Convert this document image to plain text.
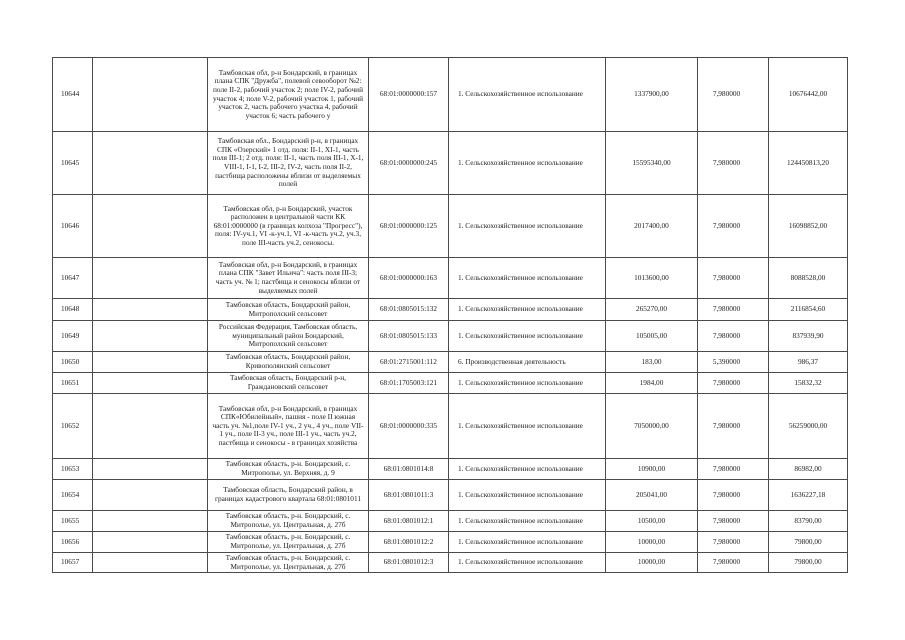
10644		Тамбовская обл, р-н Бондарский, в границах плана СПК "Дружба", полевой севооборот №2: поле II-2, рабочий участок 2; поле IV-2, рабочий участок 4; поле V-2, рабочий участок 1, рабочий участок 2, часть рабочего участка 4, рабочий участок 6; часть рабочего у	68:01:0000000:157	1. Сельскохозяйственное использование	1337900,00	7,980000	10676442,00
10645		Тамбовская обл., Бондарский р-н, в границах СПК «Озерский» 1 отд. поля: II-1, XI-1, часть поля III-1; 2 отд. поля: II-1, часть поля III-1, X-1, VIII-1, I-1, I-2, III-2, IV-2, часть поля II-2, пастбища расположены вблизи от выделяемых полей	68:01:0000000:245	1. Сельскохозяйственное использование	15595340,00	7,980000	124450813,20
10646		Тамбовская обл, р-н Бондарский, участок расположен в центральной части КК 68:01:0000000 (в границах колхоза "Прогресс"), поля: IV-уч.1, VI -к-уч.1, VI -к-часть уч.2, уч.3, поле III-часть уч.2, сенокосы.	68:01:0000000:125	1. Сельскохозяйственное использование	2017400,00	7,980000	16098852,00
10647		Тамбовская обл, р-н Бондарский, в границах плана СПК "Завет Ильича": часть поля III-3; часть уч. № 1; пастбища и сенокосы вблизи от выделяемых полей	68:01:0000000:163	1. Сельскохозяйственное использование	1013600,00	7,980000	8088528,00
10648		Тамбовская область, Бондарский район, Митрополский сельсовет	68:01:0805015:132	1. Сельскохозяйственное использование	265270,00	7,980000	2116854,60
10649		Российская Федерация, Тамбовская область, муниципальный район Бондарский, Митрополский сельсовет	68:01:0805015:133	1. Сельскохозяйственное использование	105005,00	7,980000	837939,90
10650		Тамбовская область, Бондарский район, Кривополянский сельсовет	68:01:2715001:112	6. Производственная деятельность	183,00	5,390000	986,37
10651		Тамбовская область, Бондарский р-н, Граждановский сельсовет	68:01:1705003:121	1. Сельскохозяйственное использование	1984,00	7,980000	15832,32
10652		Тамбовская обл, р-н Бондарский, в границах СПК«Юбилейный», пашня - поле II южная часть уч. №1,поле IV-1 уч., 2 уч., 4 уч., поле VII-1 уч., поле II-3 уч., поле III-1 уч., часть уч.2, пастбища и сенокосы - в границах хозяйства	68:01:0000000:335	1. Сельскохозяйственное использование	7050000,00	7,980000	56259000,00
10653		Тамбовская область, р-н. Бондарский, с. Митрополье, ул. Верхняя, д. 9	68:01:0801014:8	1. Сельскохозяйственное использование	10900,00	7,980000	86982,00
10654		Тамбовская область, Бондарский район, в границах кадастрового квартала 68:01:0801011	68:01:0801011:3	1. Сельскохозяйственное использование	205041,00	7,980000	1636227,18
10655		Тамбовская область, р-н. Бондарский, с. Митрополье, ул. Центральная, д. 27б	68:01:0801012:1	1. Сельскохозяйственное использование	10500,00	7,980000	83790,00
10656		Тамбовская область, р-н. Бондарский, с. Митрополье, ул. Центральная, д. 27б	68:01:0801012:2	1. Сельскохозяйственное использование	10000,00	7,980000	79800,00
10657		Тамбовская область, р-н. Бондарский, с. Митрополье, ул. Центральная, д. 27б	68:01:0801012:3	1. Сельскохозяйственное использование	10000,00	7,980000	79800,00
